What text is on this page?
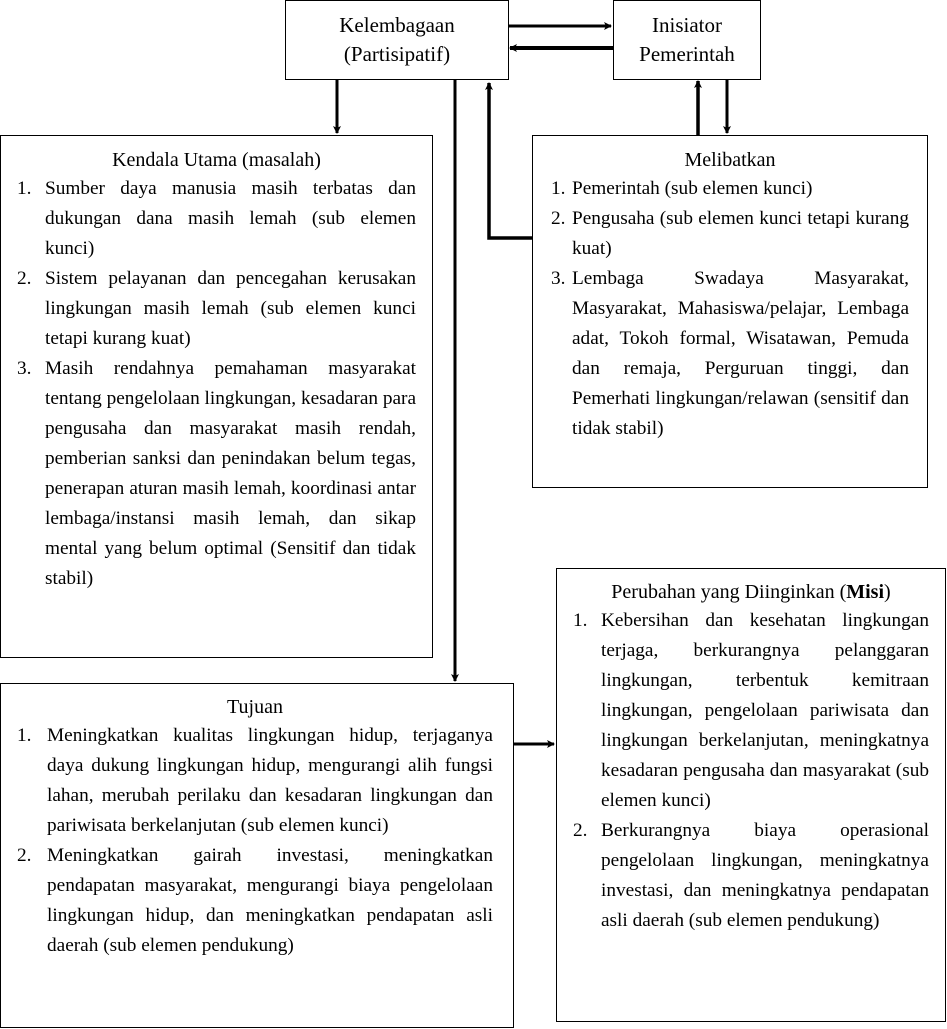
Kelembagaan
(Partisipatif)
Inisiator
Pemerintah
Kendala Utama (masalah)
1. Sumber daya manusia masih terbatas dan dukungan dana masih lemah (sub elemen kunci)
2. Sistem pelayanan dan pencegahan kerusakan lingkungan masih lemah (sub elemen kunci tetapi kurang kuat)
3. Masih rendahnya pemahaman masyarakat tentang pengelolaan lingkungan, kesadaran para pengusaha dan masyarakat masih rendah, pemberian sanksi dan penindakan belum tegas, penerapan aturan masih lemah, koordinasi antar lembaga/instansi masih lemah, dan sikap mental yang belum optimal (Sensitif dan tidak stabil)
Melibatkan
1. Pemerintah (sub elemen kunci)
2. Pengusaha (sub elemen kunci tetapi kurang kuat)
3. Lembaga Swadaya Masyarakat, Masyarakat, Mahasiswa/pelajar, Lembaga adat, Tokoh formal, Wisatawan, Pemuda dan remaja, Perguruan tinggi, dan Pemerhati lingkungan/relawan (sensitif dan tidak stabil)
Tujuan
1. Meningkatkan kualitas lingkungan hidup, terjaganya daya dukung lingkungan hidup, mengurangi alih fungsi lahan, merubah perilaku dan kesadaran lingkungan dan pariwisata berkelanjutan (sub elemen kunci)
2. Meningkatkan gairah investasi, meningkatkan pendapatan masyarakat, mengurangi biaya pengelolaan lingkungan hidup, dan meningkatkan pendapatan asli daerah (sub elemen pendukung)
Perubahan yang Diinginkan (Misi)
1. Kebersihan dan kesehatan lingkungan terjaga, berkurangnya pelanggaran lingkungan, terbentuk kemitraan lingkungan, pengelolaan pariwisata dan lingkungan berkelanjutan, meningkatnya kesadaran pengusaha dan masyarakat (sub elemen kunci)
2. Berkurangnya biaya operasional pengelolaan lingkungan, meningkatnya investasi, dan meningkatnya pendapatan asli daerah (sub elemen pendukung)
